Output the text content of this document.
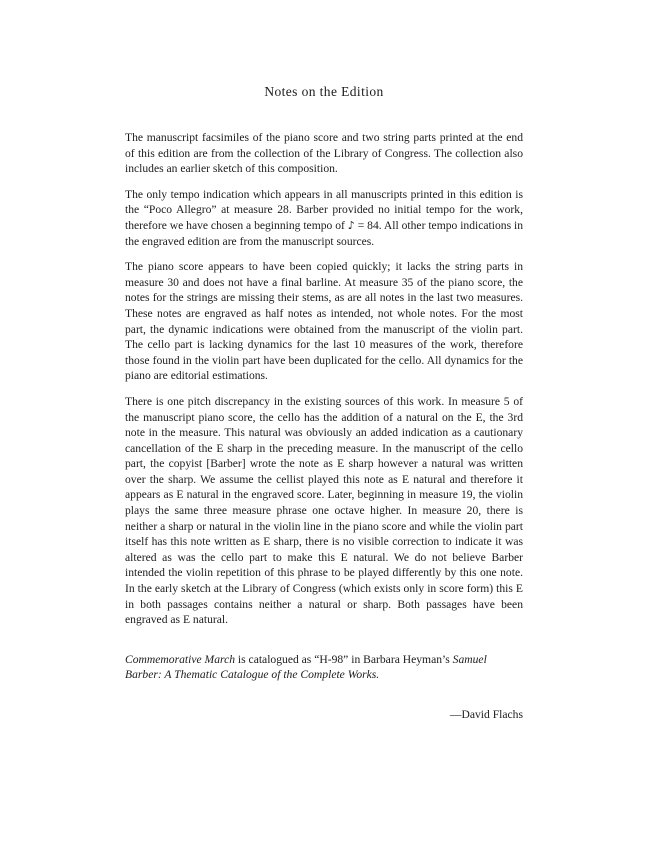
Notes on the Edition

The manuscript facsimiles of the piano score and two string parts printed at the end of this edition are from the collection of the Library of Congress. The collection also includes an earlier sketch of this composition.

The only tempo indication which appears in all manuscripts printed in this edition is the “Poco Allegro” at measure 28. Barber provided no initial tempo for the work, therefore we have chosen a beginning tempo of ♪ = 84. All other tempo indications in the engraved edition are from the manuscript sources.

The piano score appears to have been copied quickly; it lacks the string parts in measure 30 and does not have a final barline. At measure 35 of the piano score, the notes for the strings are missing their stems, as are all notes in the last two measures. These notes are engraved as half notes as intended, not whole notes. For the most part, the dynamic indications were obtained from the manuscript of the violin part. The cello part is lacking dynamics for the last 10 measures of the work, therefore those found in the violin part have been duplicated for the cello. All dynamics for the piano are editorial estimations.

There is one pitch discrepancy in the existing sources of this work. In measure 5 of the manuscript piano score, the cello has the addition of a natural on the E, the 3rd note in the measure. This natural was obviously an added indication as a cautionary cancellation of the E sharp in the preceding measure. In the manuscript of the cello part, the copyist [Barber] wrote the note as E sharp however a natural was written over the sharp. We assume the cellist played this note as E natural and therefore it appears as E natural in the engraved score. Later, beginning in measure 19, the violin plays the same three measure phrase one octave higher. In measure 20, there is neither a sharp or natural in the violin line in the piano score and while the violin part itself has this note written as E sharp, there is no visible correction to indicate it was altered as was the cello part to make this E natural. We do not believe Barber intended the violin repetition of this phrase to be played differently by this one note. In the early sketch at the Library of Congress (which exists only in score form) this E in both passages contains neither a natural or sharp. Both passages have been engraved as E natural.

Commemorative March is catalogued as “H-98” in Barbara Heyman’s Samuel Barber: A Thematic Catalogue of the Complete Works.

—David Flachs
